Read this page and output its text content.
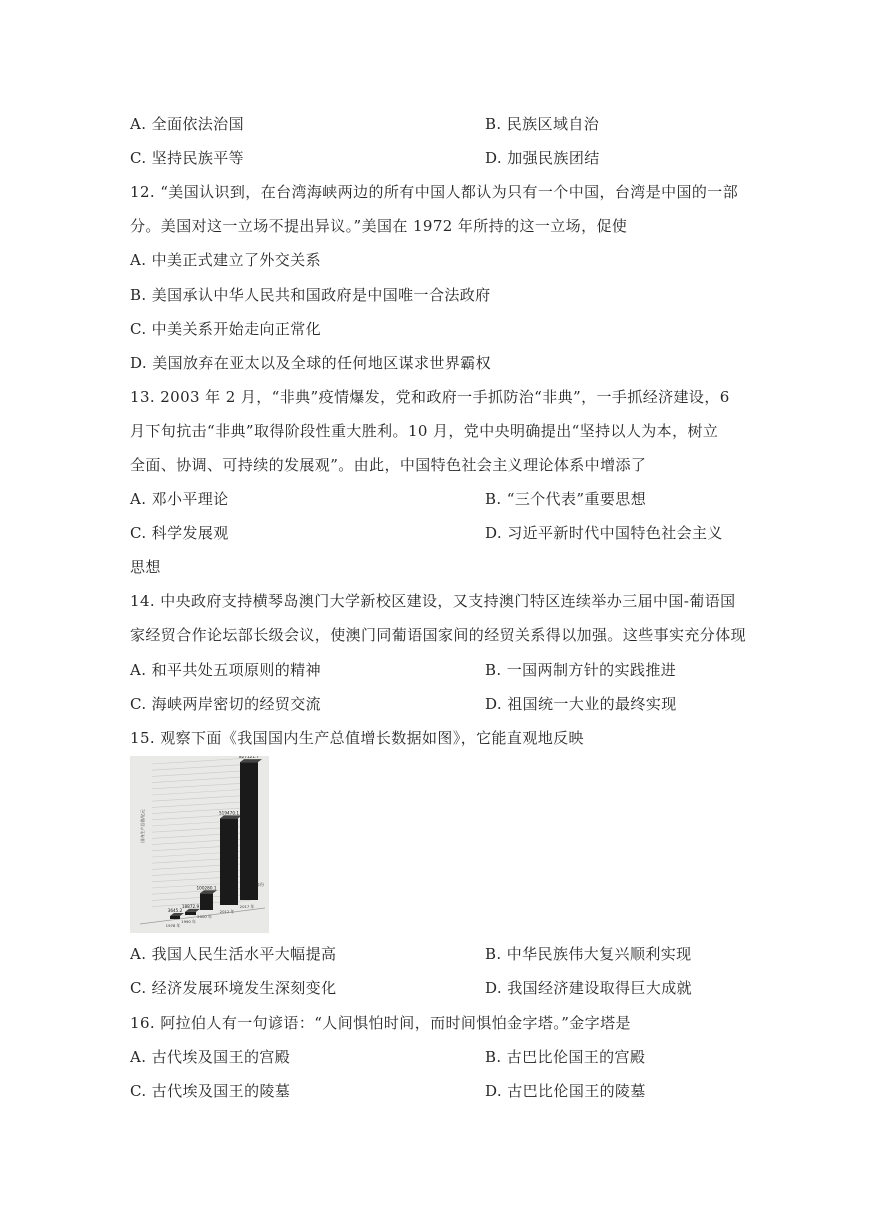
A. 全面依法治国	B. 民族区域自治
C. 坚持民族平等	D. 加强民族团结
12. “美国认识到，在台湾海峡两边的所有中国人都认为只有一个中国，台湾是中国的一部
分。美国对这一立场不提出异议。”美国在 1972 年所持的这一立场，促使
A. 中美正式建立了外交关系
B. 美国承认中华人民共和国政府是中国唯一合法政府
C. 中美关系开始走向正常化
D. 美国放弃在亚太以及全球的任何地区谋求世界霸权
13. 2003 年 2 月，“非典”疫情爆发，党和政府一手抓防治“非典”，一手抓经济建设，6
月下旬抗击“非典”取得阶段性重大胜利。10 月，党中央明确提出“坚持以人为本，树立
全面、协调、可持续的发展观”。由此，中国特色社会主义理论体系中增添了
A. 邓小平理论	B. “三个代表”重要思想
C. 科学发展观	D. 习近平新时代中国特色社会主义
思想
14. 中央政府支持横琴岛澳门大学新校区建设，又支持澳门特区连续举办三届中国-葡语国
家经贸合作论坛部长级会议，使澳门同葡语国家间的经贸关系得以加强。这些事实充分体现
A. 和平共处五项原则的精神	B. 一国两制方针的实践推进
C. 海峡两岸密切的经贸交流	D. 祖国统一大业的最终实现
15. 观察下面《我国国内生产总值增长数据如图》，它能直观地反映
国内生产总值/亿元
3645.2
1978 年
18872.9
1990 年
100280.1
2000 年
519470.1
2012 年
827121.7
2017 年
年份
A. 我国人民生活水平大幅提高	B. 中华民族伟大复兴顺利实现
C. 经济发展环境发生深刻变化	D. 我国经济建设取得巨大成就
16. 阿拉伯人有一句谚语：“人间惧怕时间，而时间惧怕金字塔。”金字塔是
A. 古代埃及国王的宫殿	B. 古巴比伦国王的宫殿
C. 古代埃及国王的陵墓	D. 古巴比伦国王的陵墓
